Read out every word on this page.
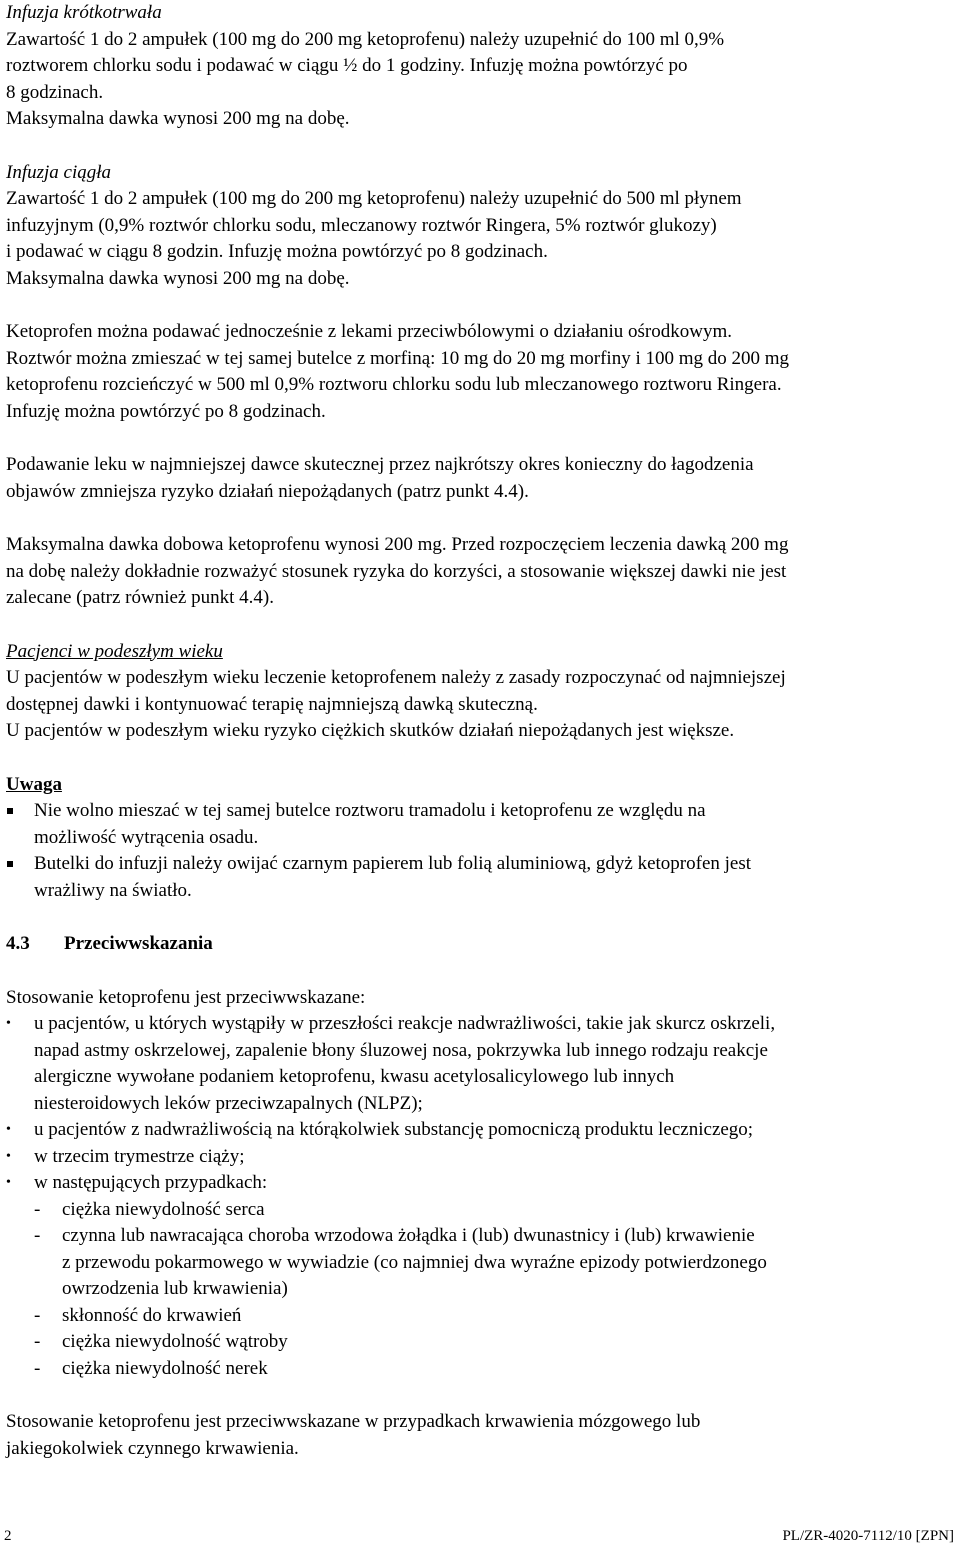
Infuzja krótkotrwała
Zawartość 1 do 2 ampułek (100 mg do 200 mg ketoprofenu) należy uzupełnić do 100 ml 0,9%
roztworem chlorku sodu i podawać w ciągu ½ do 1 godziny. Infuzję można powtórzyć po
8 godzinach.
Maksymalna dawka wynosi 200 mg na dobę.
Infuzja ciągła
Zawartość 1 do 2 ampułek (100 mg do 200 mg ketoprofenu) należy uzupełnić do 500 ml płynem
infuzyjnym (0,9% roztwór chlorku sodu, mleczanowy roztwór Ringera, 5% roztwór glukozy)
i podawać w ciągu 8 godzin. Infuzję można powtórzyć po 8 godzinach.
Maksymalna dawka wynosi 200 mg na dobę.
Ketoprofen można podawać jednocześnie z lekami przeciwbólowymi o działaniu ośrodkowym.
Roztwór można zmieszać w tej samej butelce z morfiną: 10 mg do 20 mg morfiny i 100 mg do 200 mg
ketoprofenu rozcieńczyć w 500 ml 0,9% roztworu chlorku sodu lub mleczanowego roztworu Ringera.
Infuzję można powtórzyć po 8 godzinach.
Podawanie leku w najmniejszej dawce skutecznej przez najkrótszy okres konieczny do łagodzenia
objawów zmniejsza ryzyko działań niepożądanych (patrz punkt 4.4).
Maksymalna dawka dobowa ketoprofenu wynosi 200 mg. Przed rozpoczęciem leczenia dawką 200 mg
na dobę należy dokładnie rozważyć stosunek ryzyka do korzyści, a stosowanie większej dawki nie jest
zalecane (patrz również punkt 4.4).
Pacjenci w podeszłym wieku
U pacjentów w podeszłym wieku leczenie ketoprofenem należy z zasady rozpoczynać od najmniejszej
dostępnej dawki i kontynuować terapię najmniejszą dawką skuteczną.
U pacjentów w podeszłym wieku ryzyko ciężkich skutków działań niepożądanych jest większe.
Uwaga
Nie wolno mieszać w tej samej butelce roztworu tramadolu i ketoprofenu ze względu na
możliwość wytrącenia osadu.
Butelki do infuzji należy owijać czarnym papierem lub folią aluminiową, gdyż ketoprofen jest
wrażliwy na światło.
4.3 Przeciwwskazania
Stosowanie ketoprofenu jest przeciwwskazane:
• u pacjentów, u których wystąpiły w przeszłości reakcje nadwrażliwości, takie jak skurcz oskrzeli,
napad astmy oskrzelowej, zapalenie błony śluzowej nosa, pokrzywka lub innego rodzaju reakcje
alergiczne wywołane podaniem ketoprofenu, kwasu acetylosalicylowego lub innych
niesteroidowych leków przeciwzapalnych (NLPZ);
• u pacjentów z nadwrażliwością na którąkolwiek substancję pomocniczą produktu leczniczego;
• w trzecim trymestrze ciąży;
• w następujących przypadkach:
- ciężka niewydolność serca
- czynna lub nawracająca choroba wrzodowa żołądka i (lub) dwunastnicy i (lub) krwawienie
z przewodu pokarmowego w wywiadzie (co najmniej dwa wyraźne epizody potwierdzonego
owrzodzenia lub krwawienia)
- skłonność do krwawień
- ciężka niewydolność wątroby
- ciężka niewydolność nerek
Stosowanie ketoprofenu jest przeciwwskazane w przypadkach krwawienia mózgowego lub
jakiegokolwiek czynnego krwawienia.
2	PL/ZR-4020-7112/10 [ZPN]
